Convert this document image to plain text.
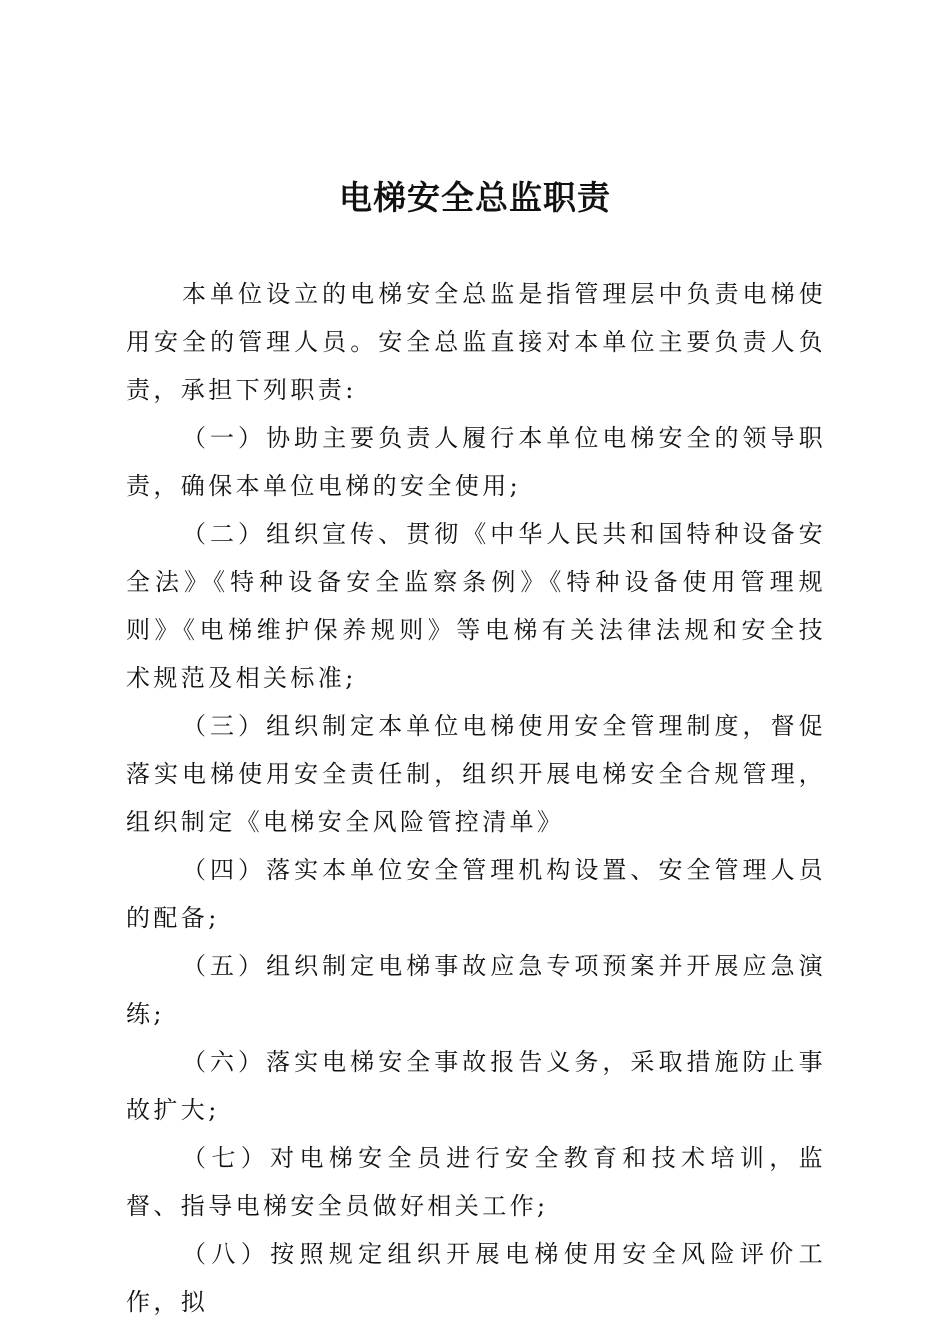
电梯安全总监职责

本单位设立的电梯安全总监是指管理层中负责电梯使用安全的管理人员。安全总监直接对本单位主要负责人负责，承担下列职责:

（一）协助主要负责人履行本单位电梯安全的领导职责，确保本单位电梯的安全使用;

（二）组织宣传、贯彻《中华人民共和国特种设备安全法》《特种设备安全监察条例》《特种设备使用管理规则》《电梯维护保养规则》等电梯有关法律法规和安全技术规范及相关标准;

（三）组织制定本单位电梯使用安全管理制度，督促落实电梯使用安全责任制，组织开展电梯安全合规管理，组织制定《电梯安全风险管控清单》

（四）落实本单位安全管理机构设置、安全管理人员的配备;

（五）组织制定电梯事故应急专项预案并开展应急演练;

（六）落实电梯安全事故报告义务，采取措施防止事故扩大;

（七）对电梯安全员进行安全教育和技术培训，监督、指导电梯安全员做好相关工作;

（八）按照规定组织开展电梯使用安全风险评价工作，拟
